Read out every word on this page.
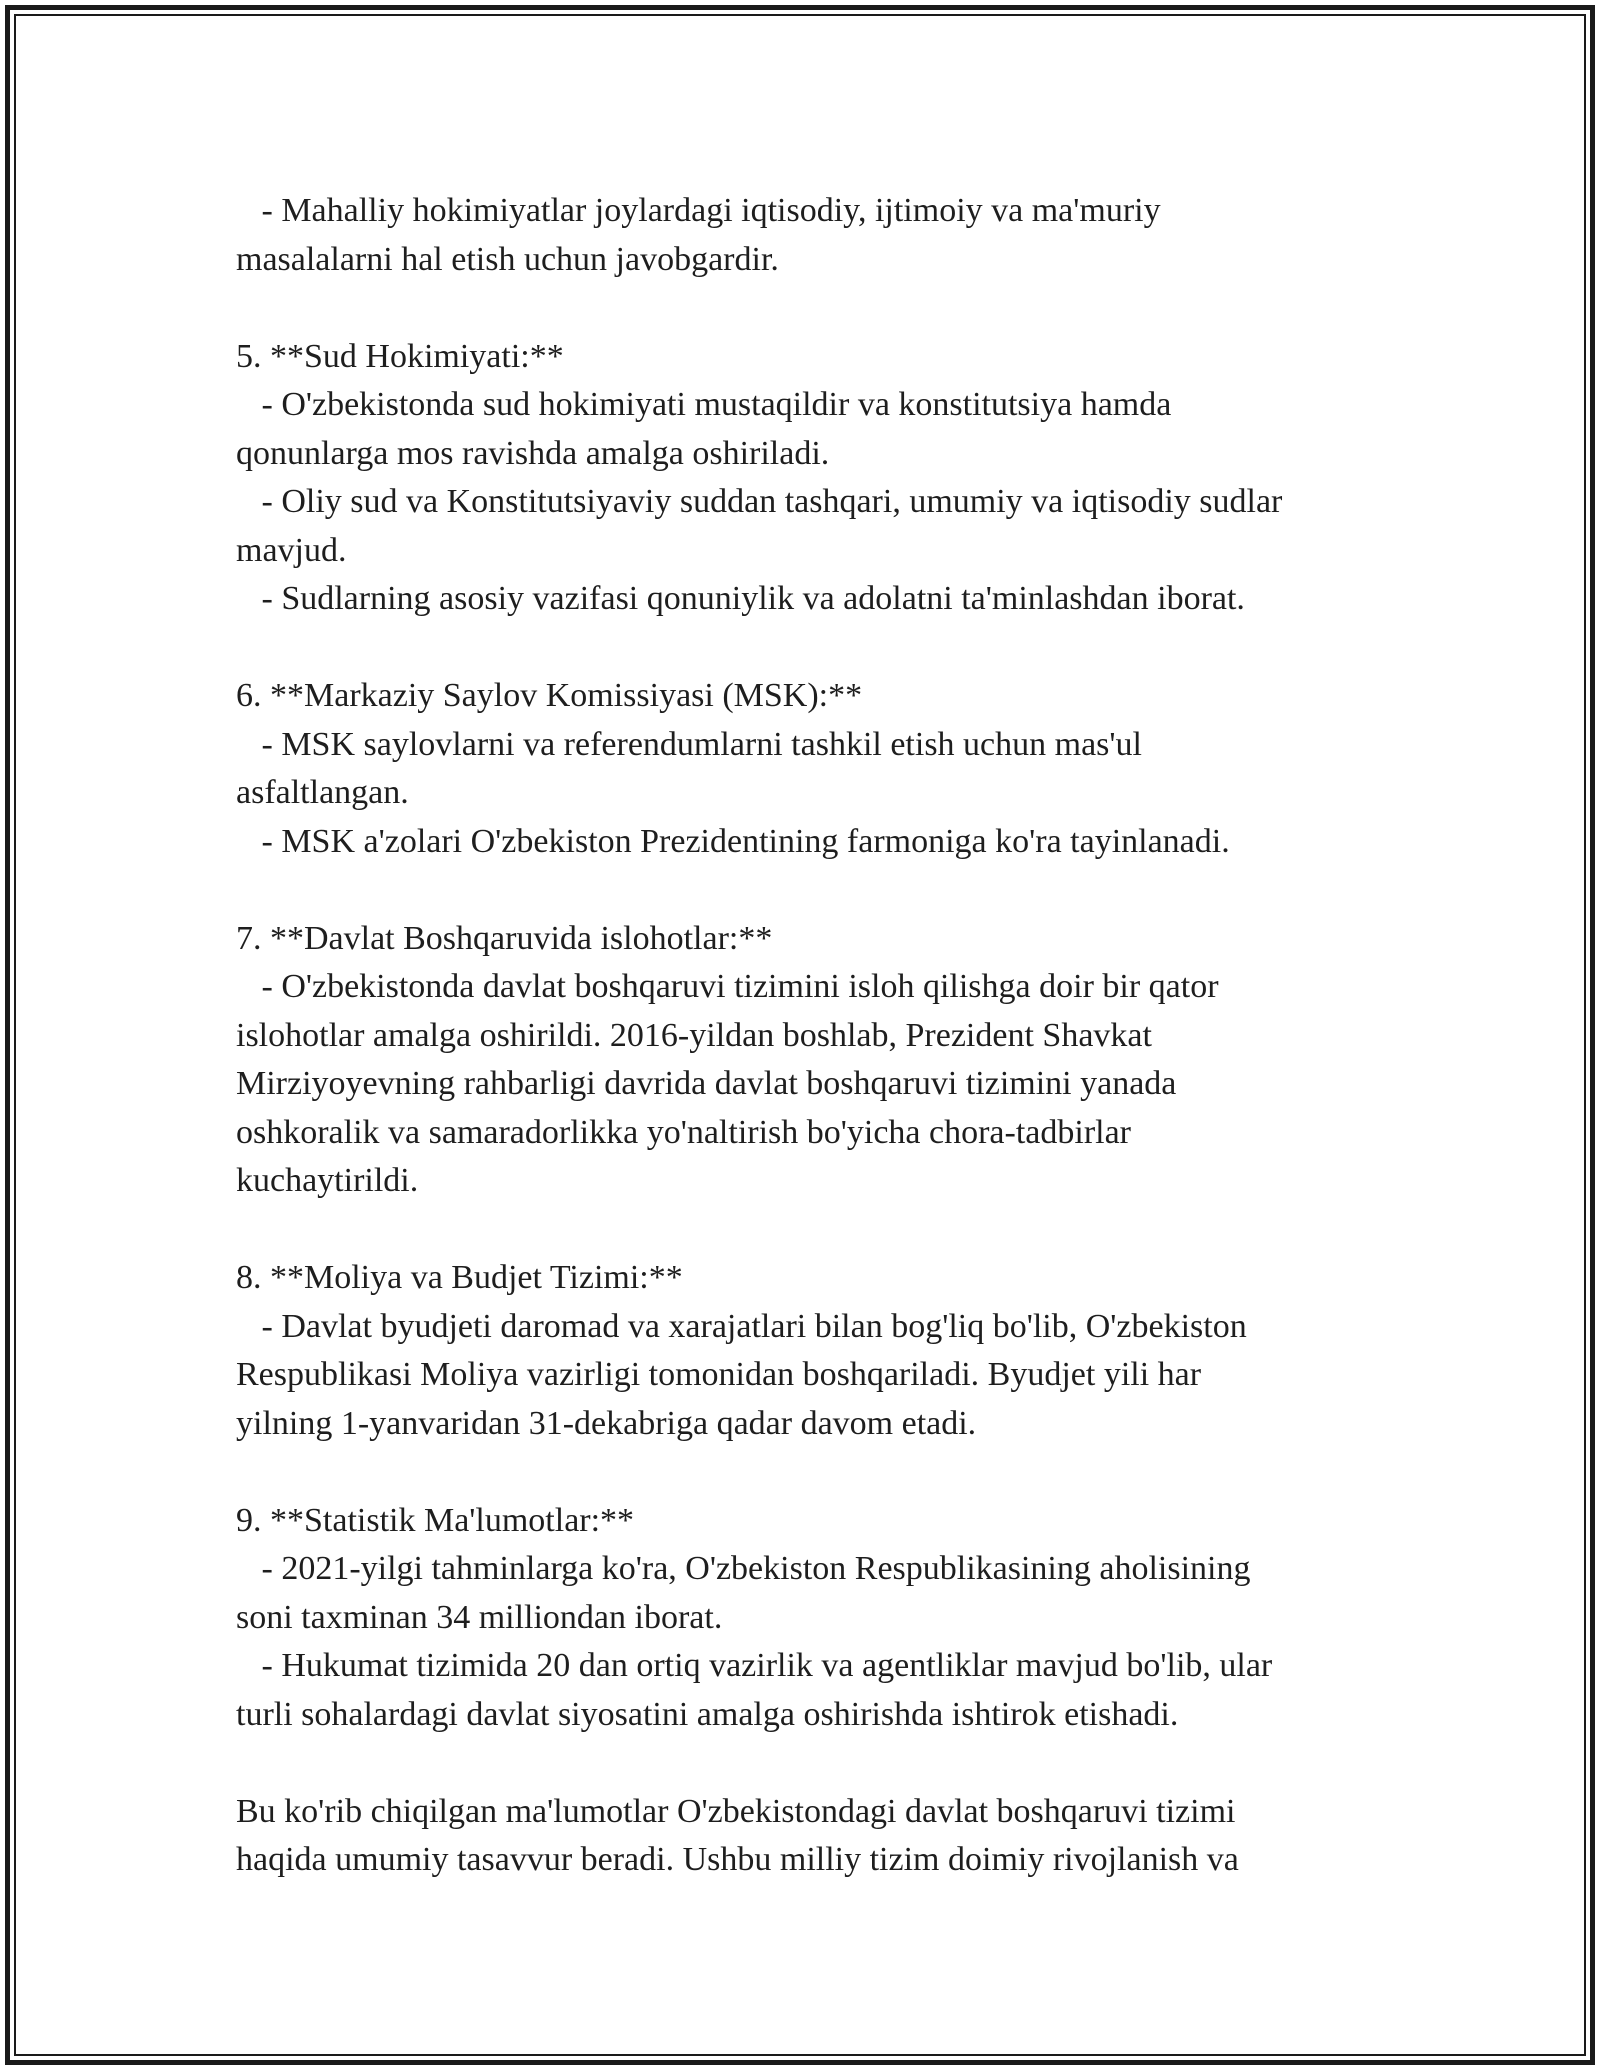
- Mahalliy hokimiyatlar joylardagi iqtisodiy, ijtimoiy va ma'muriy
masalalarni hal etish uchun javobgardir.
5. **Sud Hokimiyati:**
- O'zbekistonda sud hokimiyati mustaqildir va konstitutsiya hamda
qonunlarga mos ravishda amalga oshiriladi.
- Oliy sud va Konstitutsiyaviy suddan tashqari, umumiy va iqtisodiy sudlar
mavjud.
- Sudlarning asosiy vazifasi qonuniylik va adolatni ta'minlashdan iborat.
6. **Markaziy Saylov Komissiyasi (MSK):**
- MSK saylovlarni va referendumlarni tashkil etish uchun mas'ul
asfaltlangan.
- MSK a'zolari O'zbekiston Prezidentining farmoniga ko'ra tayinlanadi.
7. **Davlat Boshqaruvida islohotlar:**
- O'zbekistonda davlat boshqaruvi tizimini isloh qilishga doir bir qator
islohotlar amalga oshirildi. 2016-yildan boshlab, Prezident Shavkat
Mirziyoyevning rahbarligi davrida davlat boshqaruvi tizimini yanada
oshkoralik va samaradorlikka yo'naltirish bo'yicha chora-tadbirlar
kuchaytirildi.
8. **Moliya va Budjet Tizimi:**
- Davlat byudjeti daromad va xarajatlari bilan bog'liq bo'lib, O'zbekiston
Respublikasi Moliya vazirligi tomonidan boshqariladi. Byudjet yili har
yilning 1-yanvaridan 31-dekabriga qadar davom etadi.
9. **Statistik Ma'lumotlar:**
- 2021-yilgi tahminlarga ko'ra, O'zbekiston Respublikasining aholisining
soni taxminan 34 milliondan iborat.
- Hukumat tizimida 20 dan ortiq vazirlik va agentliklar mavjud bo'lib, ular
turli sohalardagi davlat siyosatini amalga oshirishda ishtirok etishadi.
Bu ko'rib chiqilgan ma'lumotlar O'zbekistondagi davlat boshqaruvi tizimi
haqida umumiy tasavvur beradi. Ushbu milliy tizim doimiy rivojlanish va
